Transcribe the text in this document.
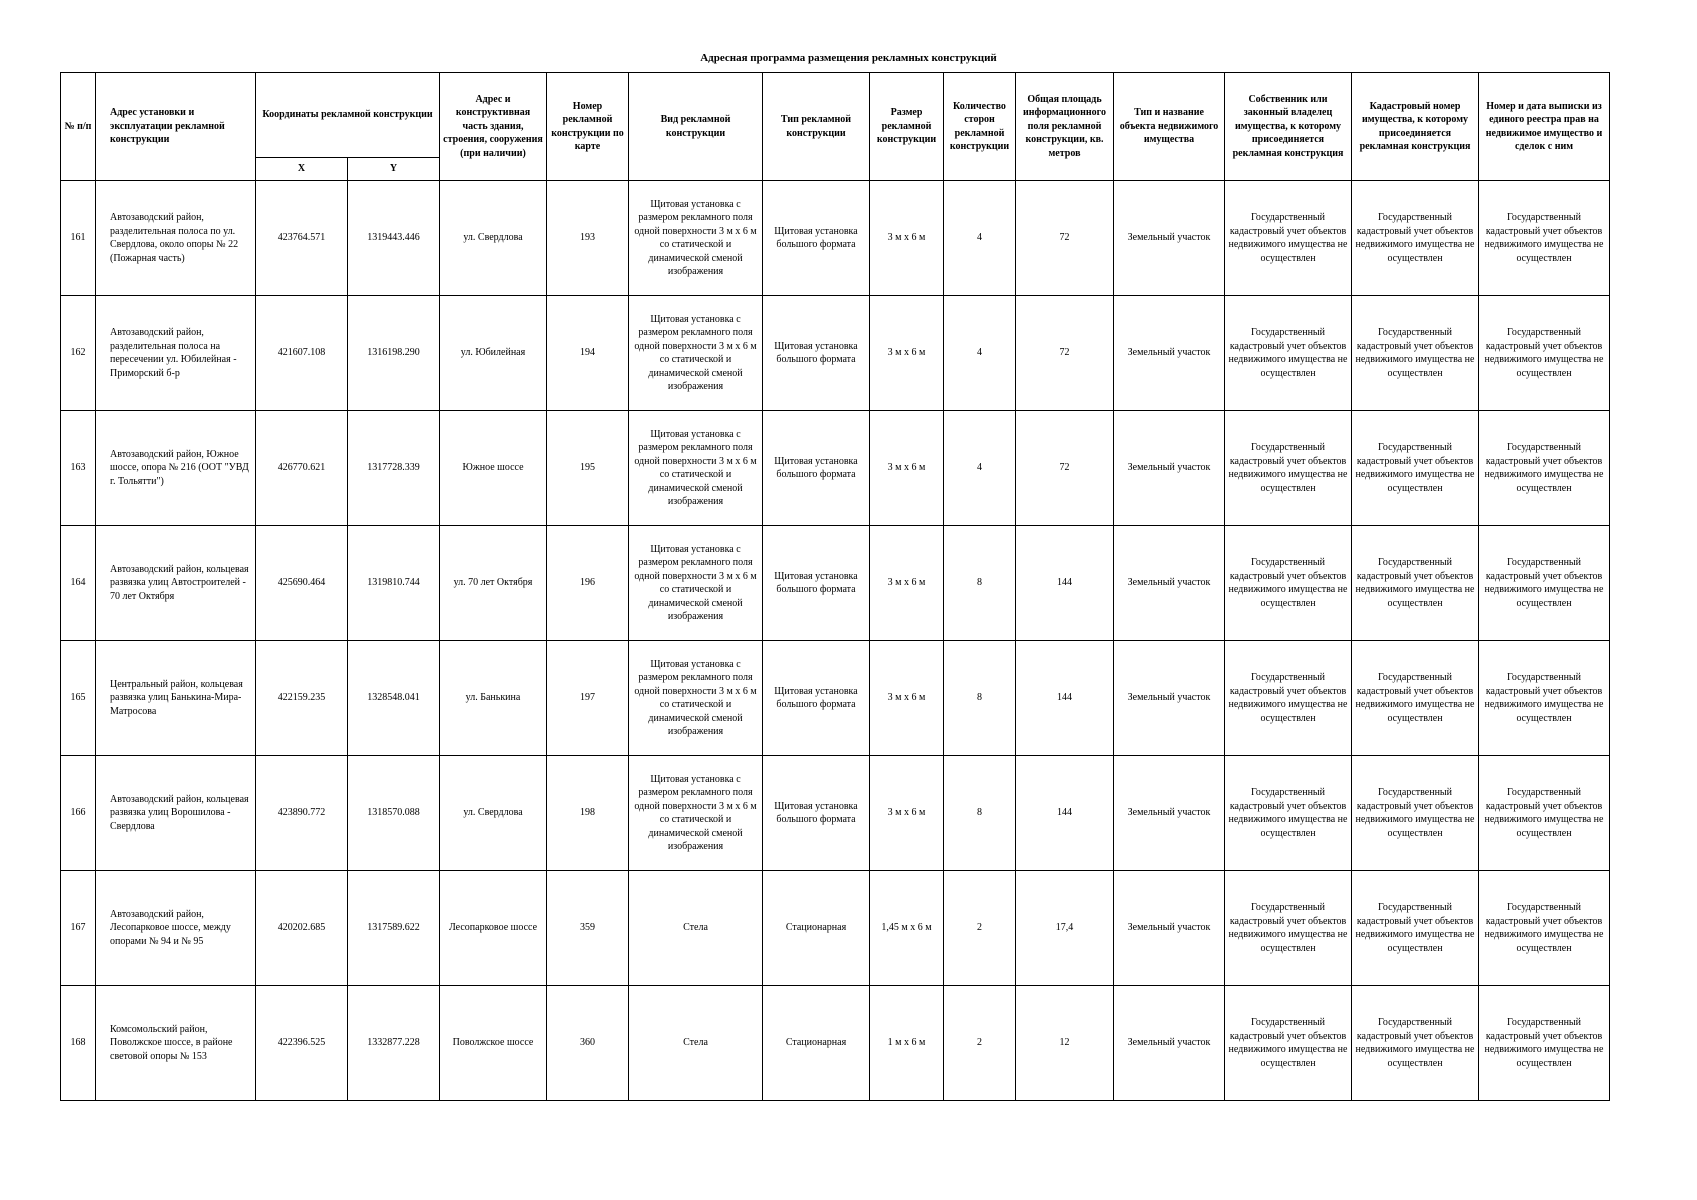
Адресная программа размещения рекламных конструкций
№ п/п	Адрес установки и эксплуатации рекламной конструкции	Координаты рекламной конструкции		Адрес и конструктивная часть здания, строения, сооружения (при наличии)	Номер рекламной конструкции по карте	Вид рекламной конструкции	Тип рекламной конструкции	Размер рекламной конструкции	Количество сторон рекламной конструкции	Общая площадь информационного поля рекламной конструкции, кв. метров	Тип и название объекта недвижимого имущества	Собственник или законный владелец имущества, к которому присоединяется рекламная конструкция	Кадастровый номер имущества, к которому присоединяется рекламная конструкция	Номер и дата выписки из единого реестра прав на недвижимое имущество и сделок с ним
		X	Y											
161	Автозаводский район, разделительная полоса по ул. Свердлова, около опоры № 22 (Пожарная часть)	423764.571	1319443.446	ул. Свердлова	193	Щитовая установка с размером рекламного поля одной поверхности 3 м х 6 м со статической и динамической сменой изображения	Щитовая установка большого формата	3 м х 6 м	4	72	Земельный участок	Государственный кадастровый учет объектов недвижимого имущества не осуществлен	Государственный кадастровый учет объектов недвижимого имущества не осуществлен	Государственный кадастровый учет объектов недвижимого имущества не осуществлен
162	Автозаводский район, разделительная полоса на пересечении ул. Юбилейная - Приморский б-р	421607.108	1316198.290	ул. Юбилейная	194	Щитовая установка с размером рекламного поля одной поверхности 3 м х 6 м со статической и динамической сменой изображения	Щитовая установка большого формата	3 м х 6 м	4	72	Земельный участок	Государственный кадастровый учет объектов недвижимого имущества не осуществлен	Государственный кадастровый учет объектов недвижимого имущества не осуществлен	Государственный кадастровый учет объектов недвижимого имущества не осуществлен
163	Автозаводский район, Южное шоссе, опора № 216 (ООТ "УВД г. Тольятти")	426770.621	1317728.339	Южное шоссе	195	Щитовая установка с размером рекламного поля одной поверхности 3 м х 6 м со статической и динамической сменой изображения	Щитовая установка большого формата	3 м х 6 м	4	72	Земельный участок	Государственный кадастровый учет объектов недвижимого имущества не осуществлен	Государственный кадастровый учет объектов недвижимого имущества не осуществлен	Государственный кадастровый учет объектов недвижимого имущества не осуществлен
164	Автозаводский район, кольцевая развязка улиц Автостроителей - 70 лет Октября	425690.464	1319810.744	ул. 70 лет Октября	196	Щитовая установка с размером рекламного поля одной поверхности 3 м х 6 м со статической и динамической сменой изображения	Щитовая установка большого формата	3 м х 6 м	8	144	Земельный участок	Государственный кадастровый учет объектов недвижимого имущества не осуществлен	Государственный кадастровый учет объектов недвижимого имущества не осуществлен	Государственный кадастровый учет объектов недвижимого имущества не осуществлен
165	Центральный район, кольцевая развязка улиц Банькина-Мира-Матросова	422159.235	1328548.041	ул. Банькина	197	Щитовая установка с размером рекламного поля одной поверхности 3 м х 6 м со статической и динамической сменой изображения	Щитовая установка большого формата	3 м х 6 м	8	144	Земельный участок	Государственный кадастровый учет объектов недвижимого имущества не осуществлен	Государственный кадастровый учет объектов недвижимого имущества не осуществлен	Государственный кадастровый учет объектов недвижимого имущества не осуществлен
166	Автозаводский район, кольцевая развязка улиц Ворошилова - Свердлова	423890.772	1318570.088	ул. Свердлова	198	Щитовая установка с размером рекламного поля одной поверхности 3 м х 6 м со статической и динамической сменой изображения	Щитовая установка большого формата	3 м х 6 м	8	144	Земельный участок	Государственный кадастровый учет объектов недвижимого имущества не осуществлен	Государственный кадастровый учет объектов недвижимого имущества не осуществлен	Государственный кадастровый учет объектов недвижимого имущества не осуществлен
167	Автозаводский район, Лесопарковое шоссе, между опорами № 94 и № 95	420202.685	1317589.622	Лесопарковое шоссе	359	Стела	Стационарная	1,45 м х 6 м	2	17,4	Земельный участок	Государственный кадастровый учет объектов недвижимого имущества не осуществлен	Государственный кадастровый учет объектов недвижимого имущества не осуществлен	Государственный кадастровый учет объектов недвижимого имущества не осуществлен
168	Комсомольский район, Поволжское шоссе, в районе световой опоры № 153	422396.525	1332877.228	Поволжское шоссе	360	Стела	Стационарная	1 м х 6 м	2	12	Земельный участок	Государственный кадастровый учет объектов недвижимого имущества не осуществлен	Государственный кадастровый учет объектов недвижимого имущества не осуществлен	Государственный кадастровый учет объектов недвижимого имущества не осуществлен
